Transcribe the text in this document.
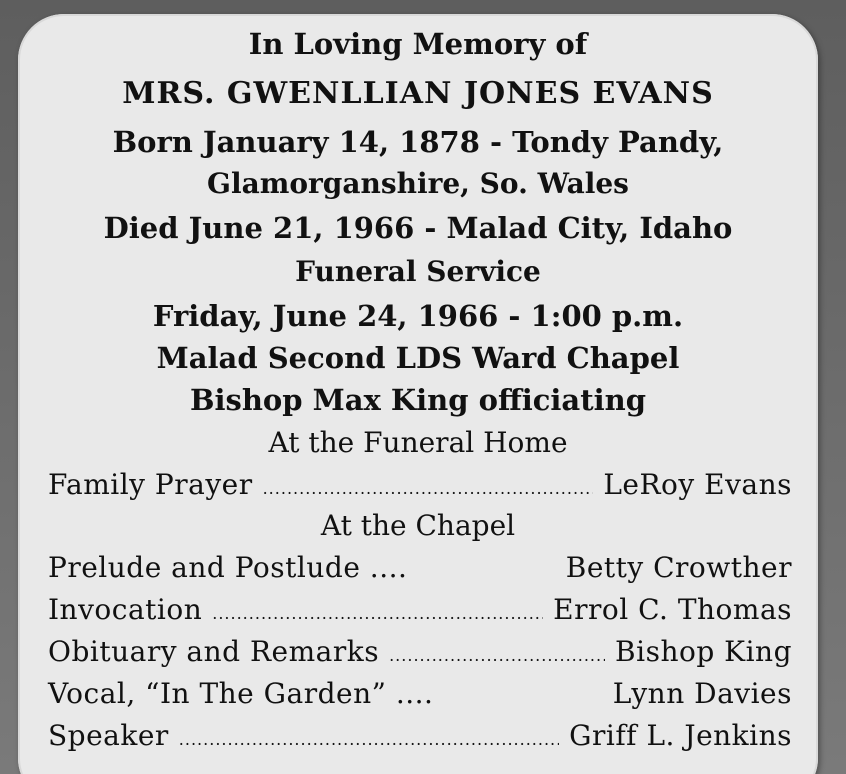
In Loving Memory of
MRS. GWENLLIAN JONES EVANS
Born January 14, 1878 - Tondy Pandy,
Glamorganshire, So. Wales
Died June 21, 1966 - Malad City, Idaho
Funeral Service
Friday, June 24, 1966 - 1:00 p.m.
Malad Second LDS Ward Chapel
Bishop Max King officiating
At the Funeral Home
Family Prayer .....	LeRoy Evans
At the Chapel
Prelude and Postlude ....	Betty Crowther
Invocation .....	Errol C. Thomas
Obituary and Remarks .....	Bishop King
Vocal, “In The Garden” ....	Lynn Davies
Speaker .....	Griff L. Jenkins
